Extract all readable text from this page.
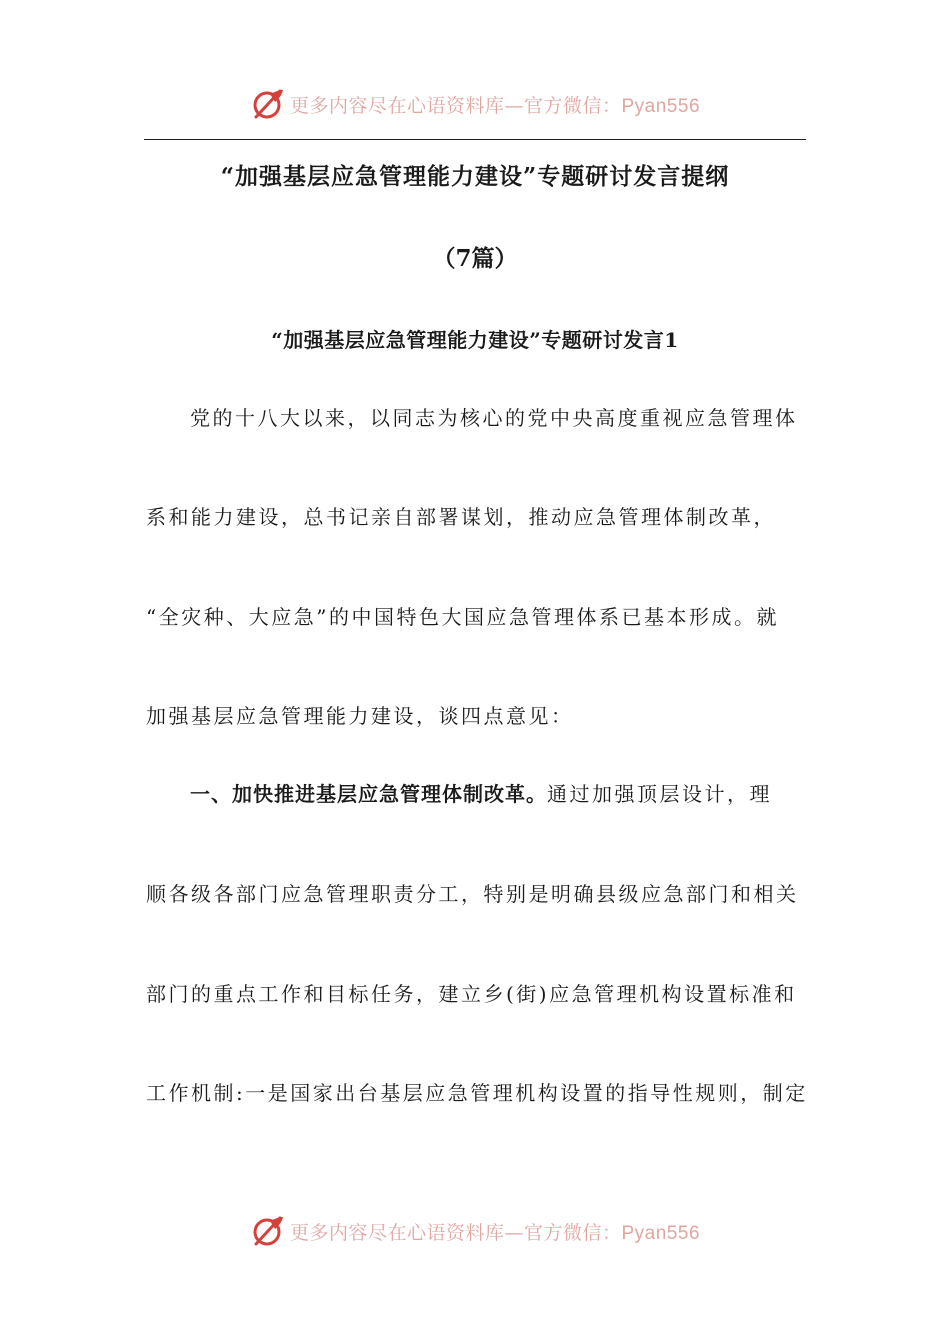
更多内容尽在心语资料库—官方微信：Pyan556
“加强基层应急管理能力建设”专题研讨发言提纲
（7篇）
“加强基层应急管理能力建设”专题研讨发言1
党的十八大以来，以同志为核心的党中央高度重视应急管理体
系和能力建设，总书记亲自部署谋划，推动应急管理体制改革，
“全灾种、大应急”的中国特色大国应急管理体系已基本形成。就
加强基层应急管理能力建设，谈四点意见：
一、加快推进基层应急管理体制改革。通过加强顶层设计，理
顺各级各部门应急管理职责分工，特别是明确县级应急部门和相关
部门的重点工作和目标任务，建立乡(街)应急管理机构设置标准和
工作机制:一是国家出台基层应急管理机构设置的指导性规则，制定
更多内容尽在心语资料库—官方微信：Pyan556
